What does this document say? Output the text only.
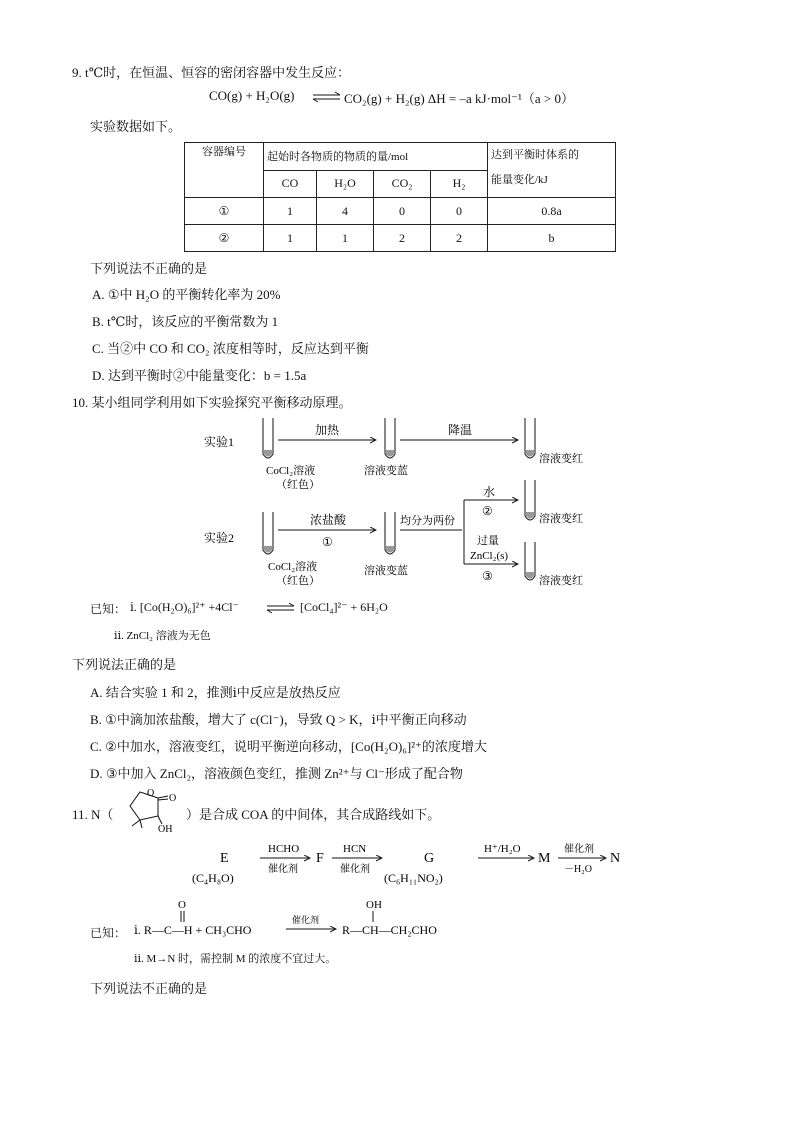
9. t℃时，在恒温、恒容的密闭容器中发生反应：
CO(g) + H₂O(g) ⇌ CO₂(g) + H₂(g) ΔH = –a kJ·mol⁻¹（a > 0）
实验数据如下。
容器编号	起始时各物质的物质的量/mol				达到平衡时体系的
能量变化/kJ

	CO	H₂O	CO₂	H₂	
①	1	4	0	0	0.8a
②	1	1	2	2	b
下列说法不正确的是
A. ①中 H₂O 的平衡转化率为 20%
B. t℃时，该反应的平衡常数为 1
C. 当②中 CO 和 CO₂ 浓度相等时，反应达到平衡
D. 达到平衡时②中能量变化：b = 1.5a
10. 某小组同学利用如下实验探究平衡移动原理。
实验1
加热	降温
CoCl₂溶液
（红色）
溶液变蓝
溶液变红
实验2
浓盐酸
①
均分为两份
水
②
过量
ZnCl₂(s)
③
溶液变红
溶液变红
CoCl₂溶液
（红色）
溶液变蓝
已知： ⅰ. [Co(H₂O)₆]²⁺ +4Cl⁻ ⇌ [CoCl₄]²⁻ + 6H₂O
ⅱ. ZnCl₂ 溶液为无色
下列说法正确的是
A. 结合实验 1 和 2，推测ⅰ中反应是放热反应
B. ①中滴加浓盐酸，增大了 c(Cl⁻)，导致 Q > K，ⅰ中平衡正向移动
C. ②中加水，溶液变红，说明平衡逆向移动，[Co(H₂O)₆]²⁺的浓度增大
D. ③中加入 ZnCl₂，溶液颜色变红，推测 Zn²⁺与 Cl⁻形成了配合物
11. N（
O O
OH
）是合成 COA 的中间体，其合成路线如下。
E
(C₄H₈O)
HCHO
催化剂
F
HCN
催化剂
G
(C₆H₁₁NO₂)
H⁺/H₂O
M
催化剂
－H₂O
N
已知：
O
ⅰ. R—C—H + CH₃CHO
催化剂
OH
R—CH—CH₂CHO
ⅱ. M→N 时，需控制 M 的浓度不宜过大。
下列说法不正确的是
